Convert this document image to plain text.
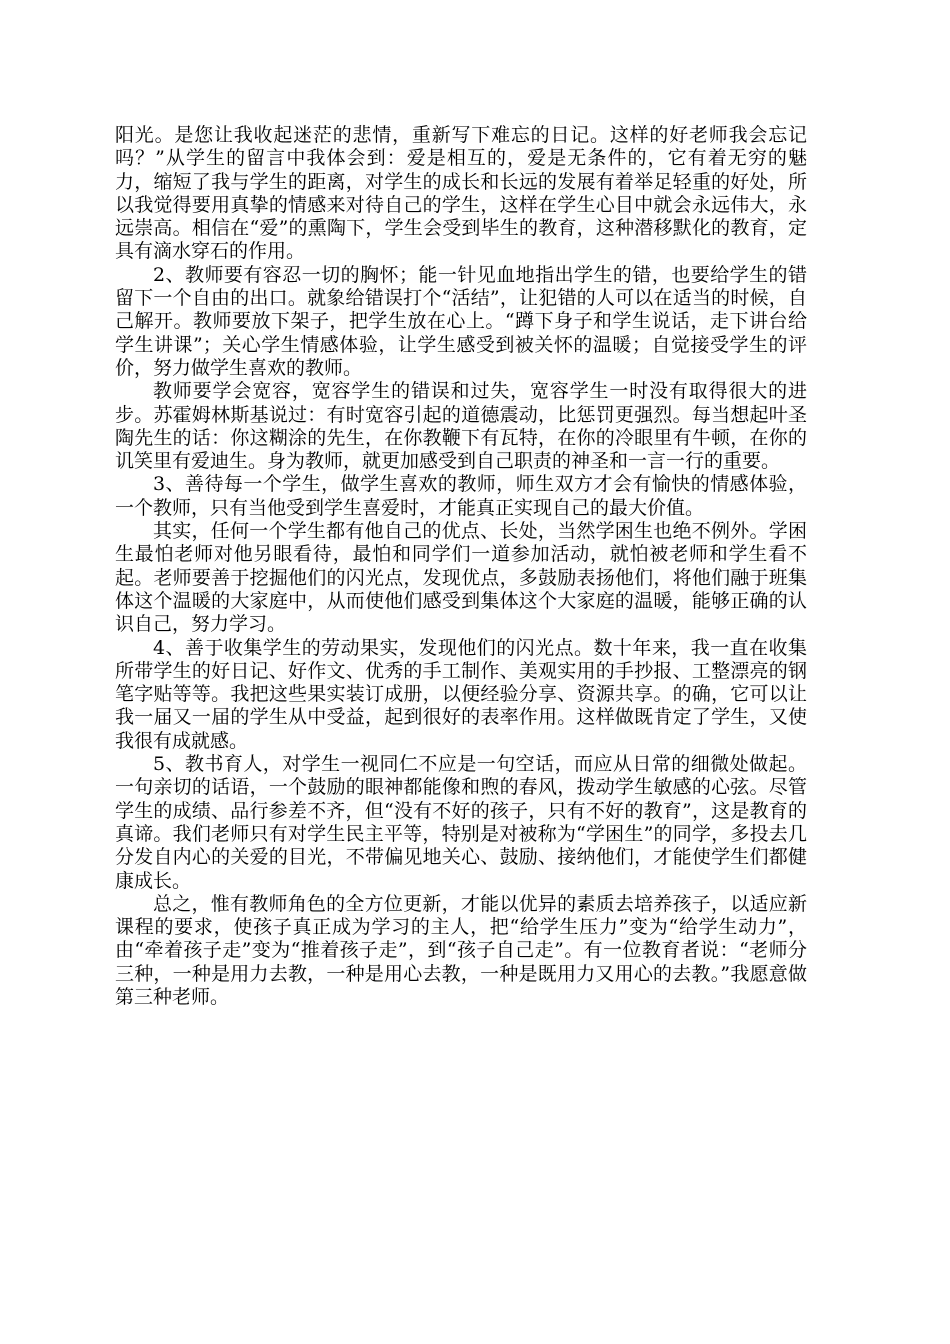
阳光。是您让我收起迷茫的悲情，重新写下难忘的日记。这样的好老师我会忘记吗？”从学生的留言中我体会到：爱是相互的，爱是无条件的，它有着无穷的魅力，缩短了我与学生的距离，对学生的成长和长远的发展有着举足轻重的好处，所以我觉得要用真挚的情感来对待自己的学生，这样在学生心目中就会永远伟大，永远崇高。相信在“爱”的熏陶下，学生会受到毕生的教育，这种潜移默化的教育，定具有滴水穿石的作用。

2、教师要有容忍一切的胸怀；能一针见血地指出学生的错，也要给学生的错留下一个自由的出口。就象给错误打个“活结”，让犯错的人可以在适当的时候，自己解开。教师要放下架子，把学生放在心上。“蹲下身子和学生说话，走下讲台给学生讲课”；关心学生情感体验，让学生感受到被关怀的温暖；自觉接受学生的评价，努力做学生喜欢的教师。

教师要学会宽容，宽容学生的错误和过失，宽容学生一时没有取得很大的进步。苏霍姆林斯基说过：有时宽容引起的道德震动，比惩罚更强烈。每当想起叶圣陶先生的话：你这糊涂的先生，在你教鞭下有瓦特，在你的冷眼里有牛顿，在你的讥笑里有爱迪生。身为教师，就更加感受到自己职责的神圣和一言一行的重要。

3、善待每一个学生，做学生喜欢的教师，师生双方才会有愉快的情感体验，一个教师，只有当他受到学生喜爱时，才能真正实现自己的最大价值。

其实，任何一个学生都有他自己的优点、长处，当然学困生也绝不例外。学困生最怕老师对他另眼看待，最怕和同学们一道参加活动，就怕被老师和学生看不起。老师要善于挖掘他们的闪光点，发现优点，多鼓励表扬他们，将他们融于班集体这个温暖的大家庭中，从而使他们感受到集体这个大家庭的温暖，能够正确的认识自己，努力学习。

4、善于收集学生的劳动果实，发现他们的闪光点。数十年来，我一直在收集所带学生的好日记、好作文、优秀的手工制作、美观实用的手抄报、工整漂亮的钢笔字贴等等。我把这些果实装订成册，以便经验分享、资源共享。的确，它可以让我一届又一届的学生从中受益，起到很好的表率作用。这样做既肯定了学生，又使我很有成就感。

5、教书育人，对学生一视同仁不应是一句空话，而应从日常的细微处做起。一句亲切的话语，一个鼓励的眼神都能像和煦的春风，拨动学生敏感的心弦。尽管学生的成绩、品行参差不齐，但“没有不好的孩子，只有不好的教育”，这是教育的真谛。我们老师只有对学生民主平等，特别是对被称为“学困生”的同学，多投去几分发自内心的关爱的目光，不带偏见地关心、鼓励、接纳他们，才能使学生们都健康成长。

总之，惟有教师角色的全方位更新，才能以优异的素质去培养孩子，以适应新课程的要求，使孩子真正成为学习的主人，把“给学生压力”变为“给学生动力”，由“牵着孩子走”变为“推着孩子走”，到“孩子自己走”。有一位教育者说：“老师分三种，一种是用力去教，一种是用心去教，一种是既用力又用心的去教。”我愿意做第三种老师。
